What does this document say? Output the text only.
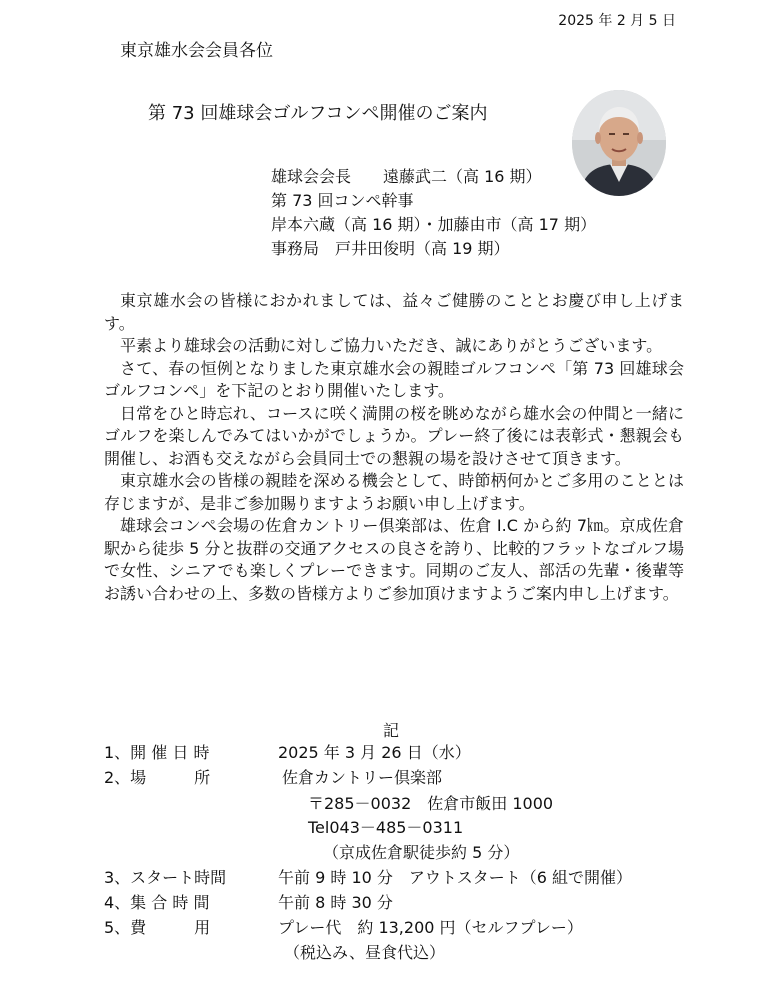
2025 年 2 月 5 日
東京雄水会会員各位
第 73 回雄球会ゴルフコンペ開催のご案内
雄球会会長　　遠藤武二（高 16 期）
第 73 回コンペ幹事
岸本六蔵（高 16 期）・加藤由市（高 17 期）
事務局　戸井田俊明（高 19 期）

東京雄水会の皆様におかれましては、益々ご健勝のこととお慶び申し上げます。

平素より雄球会の活動に対しご協力いただき、誠にありがとうございます。

さて、春の恒例となりました東京雄水会の親睦ゴルフコンペ「第 73 回雄球会ゴルフコンペ」を下記のとおり開催いたします。

日常をひと時忘れ、コースに咲く満開の桜を眺めながら雄水会の仲間と一緒にゴルフを楽しんでみてはいかがでしょうか。プレー終了後には表彰式・懇親会も開催し、お酒も交えながら会員同士での懇親の場を設けさせて頂きます。

東京雄水会の皆様の親睦を深める機会として、時節柄何かとご多用のこととは存じますが、是非ご参加賜りますようお願い申し上げます。

雄球会コンペ会場の佐倉カントリー倶楽部は、佐倉 I.C から約 7㎞。京成佐倉駅から徒歩 5 分と抜群の交通アクセスの良さを誇り、比較的フラットなゴルフ場で女性、シニアでも楽しくプレーできます。同期のご友人、部活の先輩・後輩等お誘い合わせの上、多数の皆様方よりご参加頂けますようご案内申し上げます。

記
1、開 催 日 時	2025 年 3 月 26 日（水）
2、場　　　所	佐倉カントリー倶楽部
〒285－0032　佐倉市飯田 1000
Tel043－485－0311
（京成佐倉駅徒歩約 5 分）
3、スタート時間	午前 9 時 10 分　アウトスタート（6 組で開催）
4、集 合 時 間	午前 8 時 30 分
5、費　　　用	プレー代　約 13,200 円（セルフプレー）
（税込み、昼食代込）
